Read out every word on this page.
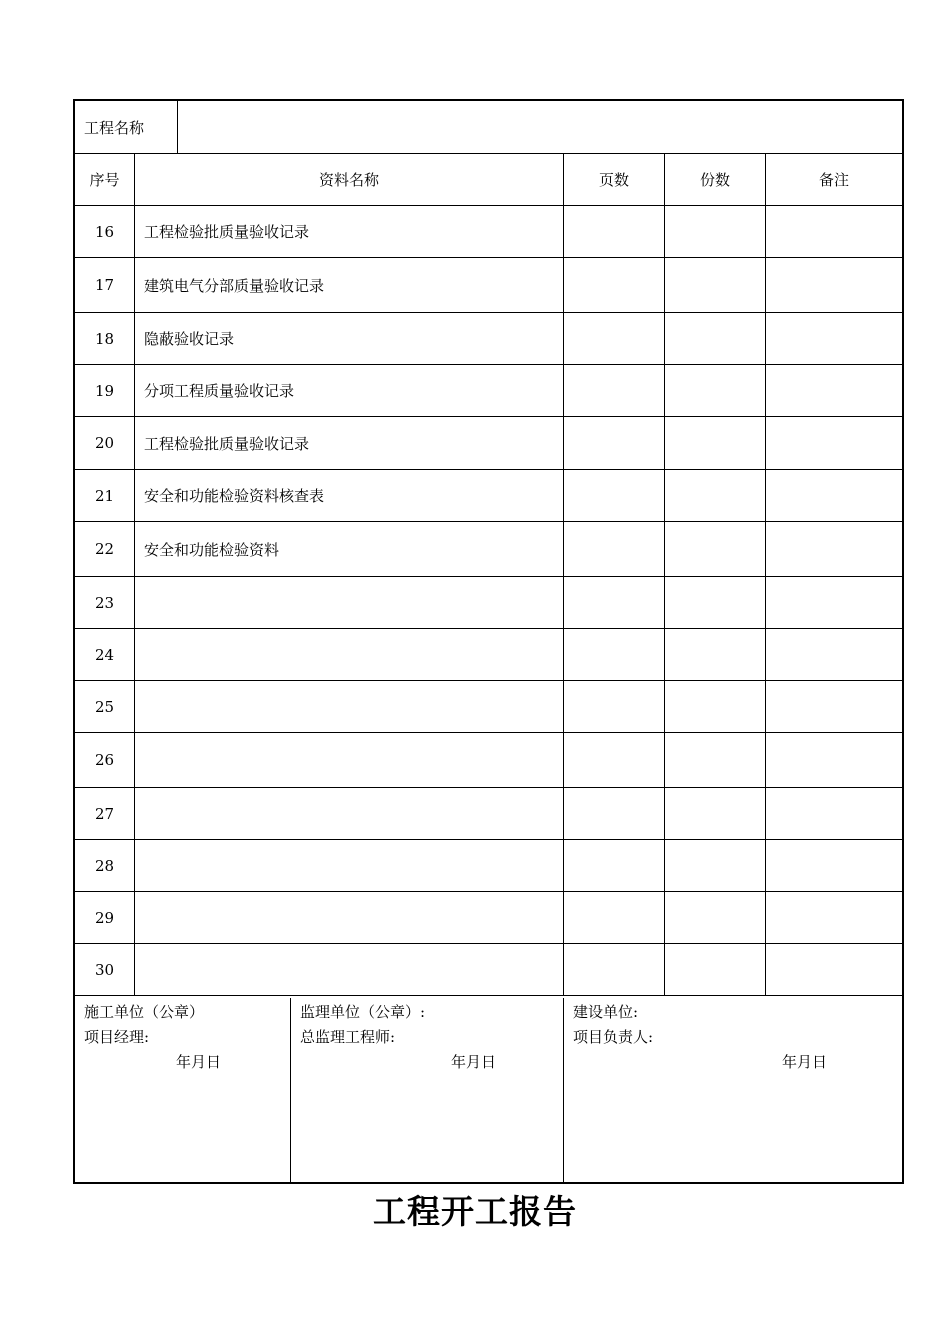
工程名称
序号	资料名称	页数	份数	备注
16	工程检验批质量验收记录
17	建筑电气分部质量验收记录
18	隐蔽验收记录
19	分项工程质量验收记录
20	工程检验批质量验收记录
21	安全和功能检验资料核查表
22	安全和功能检验资料
23
24
25
26
27
28
29
30
施工单位（公章）
项目经理:
年月日
监理单位（公章）:
总监理工程师:
年月日
建设单位:
项目负责人:
年月日
工程开工报告
